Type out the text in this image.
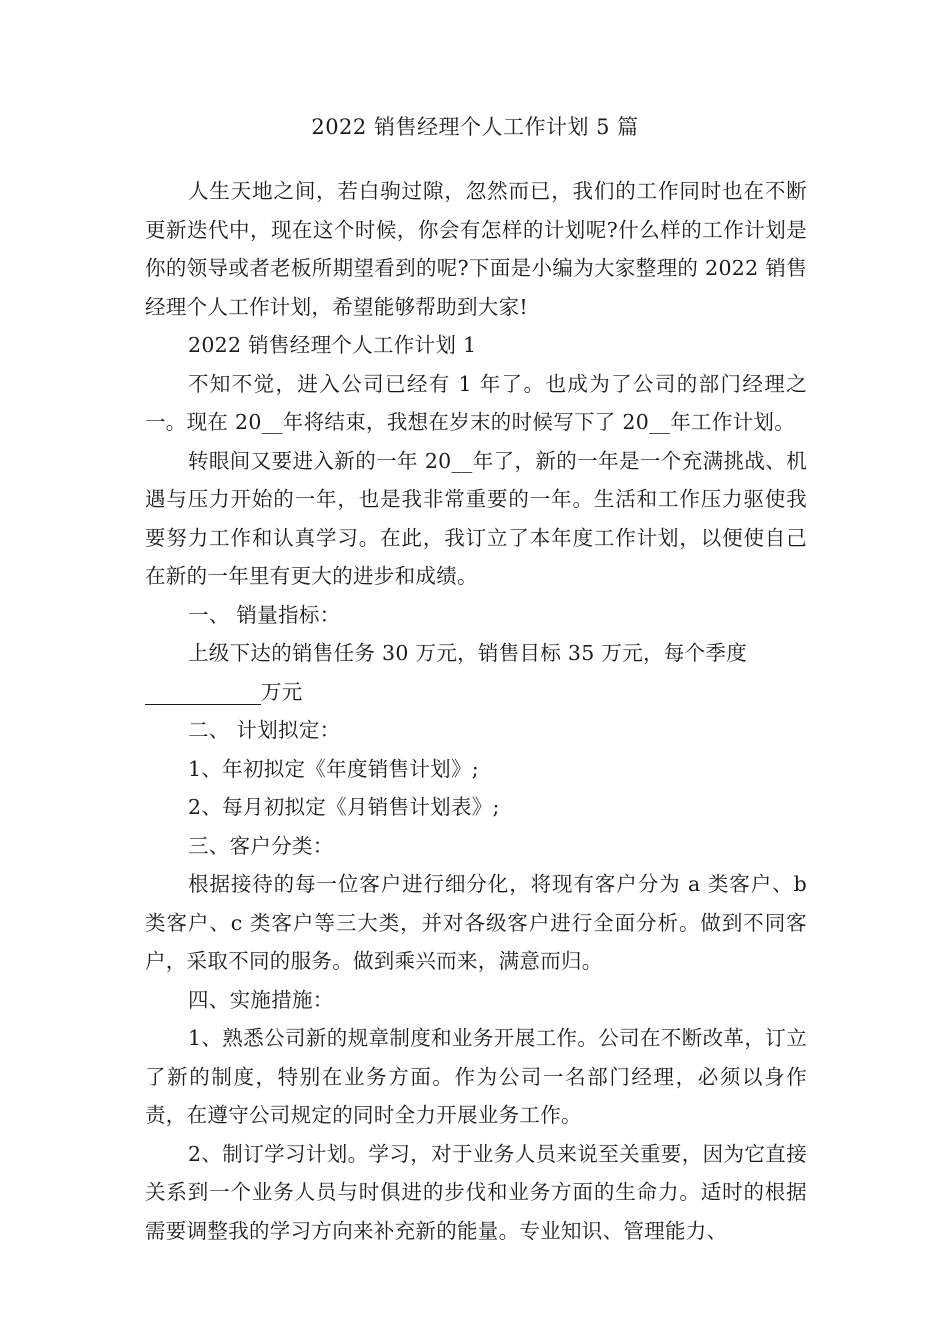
2022 销售经理个人工作计划 5 篇

人生天地之间，若白驹过隙，忽然而已，我们的工作同时也在不断更新迭代中，现在这个时候，你会有怎样的计划呢?什么样的工作计划是你的领导或者老板所期望看到的呢?下面是小编为大家整理的 2022 销售经理个人工作计划，希望能够帮助到大家!

2022 销售经理个人工作计划 1

不知不觉，进入公司已经有 1 年了。也成为了公司的部门经理之一。现在 20__年将结束，我想在岁末的时候写下了 20__年工作计划。

转眼间又要进入新的一年 20__年了，新的一年是一个充满挑战、机遇与压力开始的一年，也是我非常重要的一年。生活和工作压力驱使我要努力工作和认真学习。在此，我订立了本年度工作计划，以便使自己在新的一年里有更大的进步和成绩。

一、 销量指标：

上级下达的销售任务 30 万元，销售目标 35 万元，每个季度
万元

二、 计划拟定：

1、年初拟定《年度销售计划》;

2、每月初拟定《月销售计划表》;

三、客户分类：

根据接待的每一位客户进行细分化，将现有客户分为 a 类客户、b 类客户、c 类客户等三大类，并对各级客户进行全面分析。做到不同客户，采取不同的服务。做到乘兴而来，满意而归。

四、实施措施：

1、熟悉公司新的规章制度和业务开展工作。公司在不断改革，订立了新的制度，特别在业务方面。作为公司一名部门经理，必须以身作责，在遵守公司规定的同时全力开展业务工作。

2、制订学习计划。学习，对于业务人员来说至关重要，因为它直接关系到一个业务人员与时俱进的步伐和业务方面的生命力。适时的根据需要调整我的学习方向来补充新的能量。专业知识、管理能力、
